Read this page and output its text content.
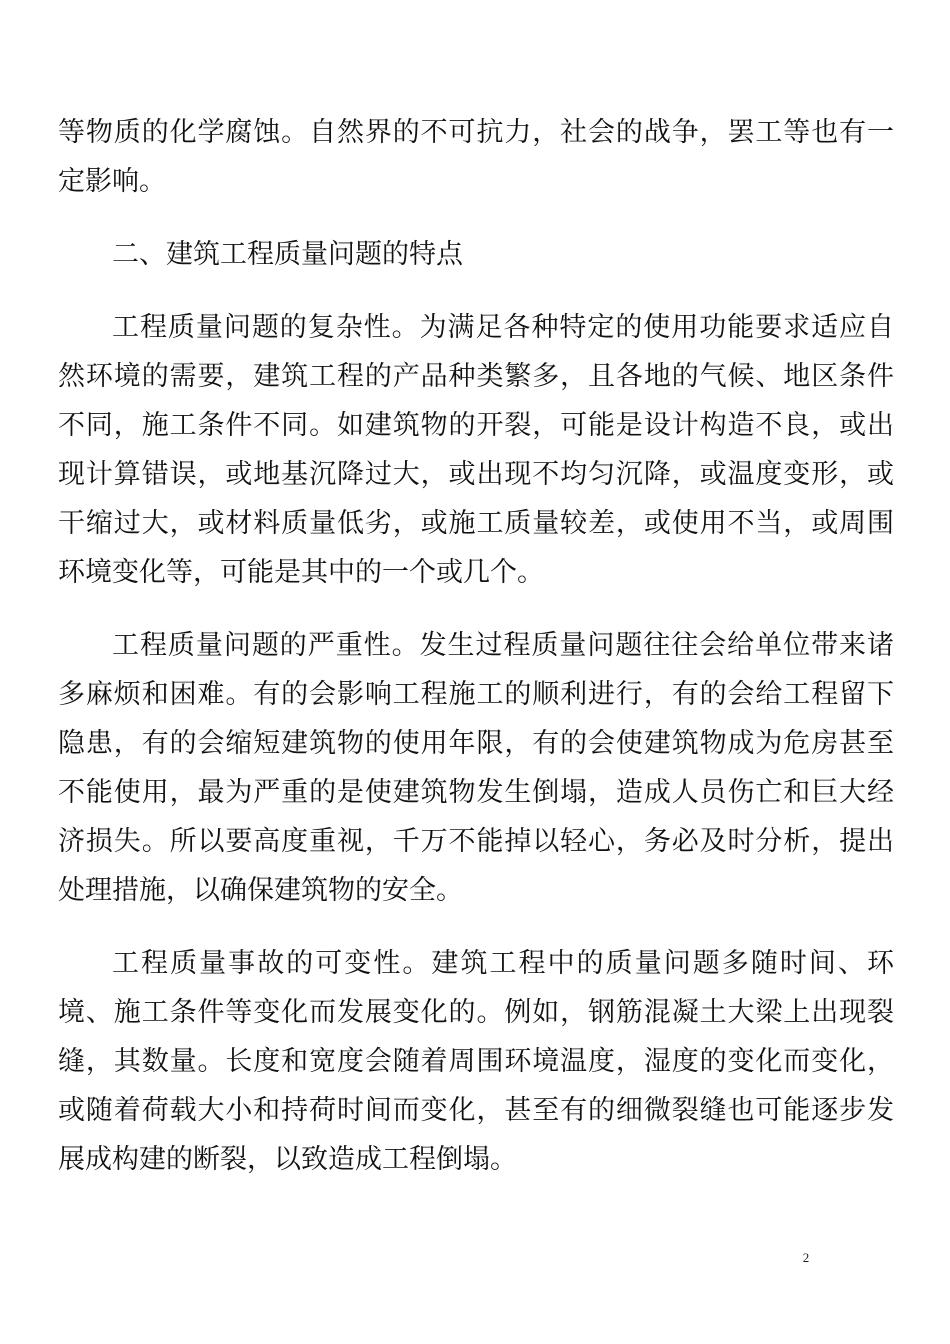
等物质的化学腐蚀。自然界的不可抗力，社会的战争，罢工等也有一定影响。

二、建筑工程质量问题的特点

工程质量问题的复杂性。为满足各种特定的使用功能要求适应自然环境的需要，建筑工程的产品种类繁多，且各地的气候、地区条件不同，施工条件不同。如建筑物的开裂，可能是设计构造不良，或出现计算错误，或地基沉降过大，或出现不均匀沉降，或温度变形，或干缩过大，或材料质量低劣，或施工质量较差，或使用不当，或周围环境变化等，可能是其中的一个或几个。

工程质量问题的严重性。发生过程质量问题往往会给单位带来诸多麻烦和困难。有的会影响工程施工的顺利进行，有的会给工程留下隐患，有的会缩短建筑物的使用年限，有的会使建筑物成为危房甚至不能使用，最为严重的是使建筑物发生倒塌，造成人员伤亡和巨大经济损失。所以要高度重视，千万不能掉以轻心，务必及时分析，提出处理措施，以确保建筑物的安全。

工程质量事故的可变性。建筑工程中的质量问题多随时间、环境、施工条件等变化而发展变化的。例如，钢筋混凝土大梁上出现裂缝，其数量。长度和宽度会随着周围环境温度，湿度的变化而变化，或随着荷载大小和持荷时间而变化，甚至有的细微裂缝也可能逐步发展成构建的断裂，以致造成工程倒塌。

2
